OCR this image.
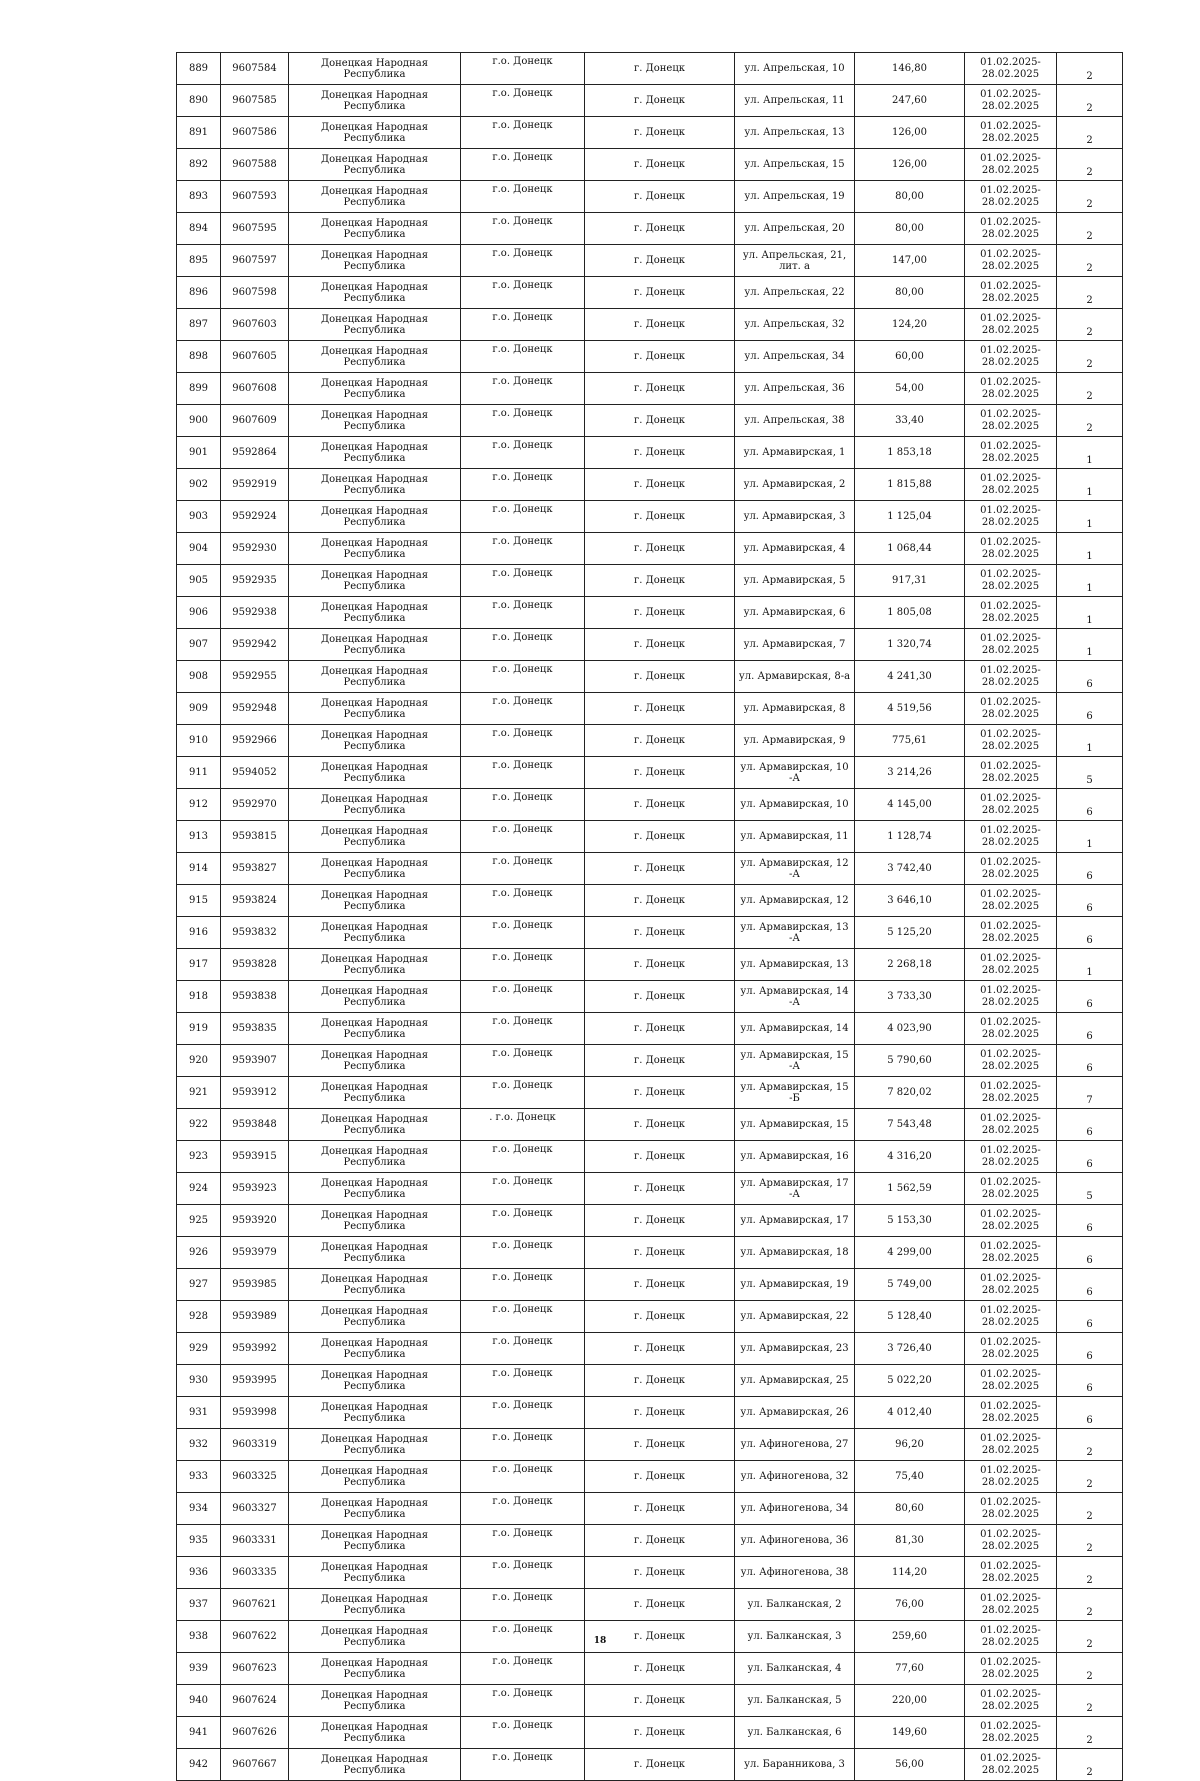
889	9607584	Донецкая Народная Республика	г.о. Донецк	г. Донецк	ул. Апрельская, 10	146,80	01.02.2025-28.02.2025	2
890	9607585	Донецкая Народная Республика	г.о. Донецк	г. Донецк	ул. Апрельская, 11	247,60	01.02.2025-28.02.2025	2
891	9607586	Донецкая Народная Республика	г.о. Донецк	г. Донецк	ул. Апрельская, 13	126,00	01.02.2025-28.02.2025	2
892	9607588	Донецкая Народная Республика	г.о. Донецк	г. Донецк	ул. Апрельская, 15	126,00	01.02.2025-28.02.2025	2
893	9607593	Донецкая Народная Республика	г.о. Донецк	г. Донецк	ул. Апрельская, 19	80,00	01.02.2025-28.02.2025	2
894	9607595	Донецкая Народная Республика	г.о. Донецк	г. Донецк	ул. Апрельская, 20	80,00	01.02.2025-28.02.2025	2
895	9607597	Донецкая Народная Республика	г.о. Донецк	г. Донецк	ул. Апрельская, 21, лит. а	147,00	01.02.2025-28.02.2025	2
896	9607598	Донецкая Народная Республика	г.о. Донецк	г. Донецк	ул. Апрельская, 22	80,00	01.02.2025-28.02.2025	2
897	9607603	Донецкая Народная Республика	г.о. Донецк	г. Донецк	ул. Апрельская, 32	124,20	01.02.2025-28.02.2025	2
898	9607605	Донецкая Народная Республика	г.о. Донецк	г. Донецк	ул. Апрельская, 34	60,00	01.02.2025-28.02.2025	2
899	9607608	Донецкая Народная Республика	г.о. Донецк	г. Донецк	ул. Апрельская, 36	54,00	01.02.2025-28.02.2025	2
900	9607609	Донецкая Народная Республика	г.о. Донецк	г. Донецк	ул. Апрельская, 38	33,40	01.02.2025-28.02.2025	2
901	9592864	Донецкая Народная Республика	г.о. Донецк	г. Донецк	ул. Армавирская, 1	1 853,18	01.02.2025-28.02.2025	1
902	9592919	Донецкая Народная Республика	г.о. Донецк	г. Донецк	ул. Армавирская, 2	1 815,88	01.02.2025-28.02.2025	1
903	9592924	Донецкая Народная Республика	г.о. Донецк	г. Донецк	ул. Армавирская, 3	1 125,04	01.02.2025-28.02.2025	1
904	9592930	Донецкая Народная Республика	г.о. Донецк	г. Донецк	ул. Армавирская, 4	1 068,44	01.02.2025-28.02.2025	1
905	9592935	Донецкая Народная Республика	г.о. Донецк	г. Донецк	ул. Армавирская, 5	917,31	01.02.2025-28.02.2025	1
906	9592938	Донецкая Народная Республика	г.о. Донецк	г. Донецк	ул. Армавирская, 6	1 805,08	01.02.2025-28.02.2025	1
907	9592942	Донецкая Народная Республика	г.о. Донецк	г. Донецк	ул. Армавирская, 7	1 320,74	01.02.2025-28.02.2025	1
908	9592955	Донецкая Народная Республика	г.о. Донецк	г. Донецк	ул. Армавирская, 8-а	4 241,30	01.02.2025-28.02.2025	6
909	9592948	Донецкая Народная Республика	г.о. Донецк	г. Донецк	ул. Армавирская, 8	4 519,56	01.02.2025-28.02.2025	6
910	9592966	Донецкая Народная Республика	г.о. Донецк	г. Донецк	ул. Армавирская, 9	775,61	01.02.2025-28.02.2025	1
911	9594052	Донецкая Народная Республика	г.о. Донецк	г. Донецк	ул. Армавирская, 10 -А	3 214,26	01.02.2025-28.02.2025	5
912	9592970	Донецкая Народная Республика	г.о. Донецк	г. Донецк	ул. Армавирская, 10	4 145,00	01.02.2025-28.02.2025	6
913	9593815	Донецкая Народная Республика	г.о. Донецк	г. Донецк	ул. Армавирская, 11	1 128,74	01.02.2025-28.02.2025	1
914	9593827	Донецкая Народная Республика	г.о. Донецк	г. Донецк	ул. Армавирская, 12 -А	3 742,40	01.02.2025-28.02.2025	6
915	9593824	Донецкая Народная Республика	г.о. Донецк	г. Донецк	ул. Армавирская, 12	3 646,10	01.02.2025-28.02.2025	6
916	9593832	Донецкая Народная Республика	г.о. Донецк	г. Донецк	ул. Армавирская, 13 -А	5 125,20	01.02.2025-28.02.2025	6
917	9593828	Донецкая Народная Республика	г.о. Донецк	г. Донецк	ул. Армавирская, 13	2 268,18	01.02.2025-28.02.2025	1
918	9593838	Донецкая Народная Республика	г.о. Донецк	г. Донецк	ул. Армавирская, 14 -А	3 733,30	01.02.2025-28.02.2025	6
919	9593835	Донецкая Народная Республика	г.о. Донецк	г. Донецк	ул. Армавирская, 14	4 023,90	01.02.2025-28.02.2025	6
920	9593907	Донецкая Народная Республика	г.о. Донецк	г. Донецк	ул. Армавирская, 15 -А	5 790,60	01.02.2025-28.02.2025	6
921	9593912	Донецкая Народная Республика	г.о. Донецк	г. Донецк	ул. Армавирская, 15 -Б	7 820,02	01.02.2025-28.02.2025	7
922	9593848	Донецкая Народная Республика	. г.о. Донецк	г. Донецк	ул. Армавирская, 15	7 543,48	01.02.2025-28.02.2025	6
923	9593915	Донецкая Народная Республика	г.о. Донецк	г. Донецк	ул. Армавирская, 16	4 316,20	01.02.2025-28.02.2025	6
924	9593923	Донецкая Народная Республика	г.о. Донецк	г. Донецк	ул. Армавирская, 17 -А	1 562,59	01.02.2025-28.02.2025	5
925	9593920	Донецкая Народная Республика	г.о. Донецк	г. Донецк	ул. Армавирская, 17	5 153,30	01.02.2025-28.02.2025	6
926	9593979	Донецкая Народная Республика	г.о. Донецк	г. Донецк	ул. Армавирская, 18	4 299,00	01.02.2025-28.02.2025	6
927	9593985	Донецкая Народная Республика	г.о. Донецк	г. Донецк	ул. Армавирская, 19	5 749,00	01.02.2025-28.02.2025	6
928	9593989	Донецкая Народная Республика	г.о. Донецк	г. Донецк	ул. Армавирская, 22	5 128,40	01.02.2025-28.02.2025	6
929	9593992	Донецкая Народная Республика	г.о. Донецк	г. Донецк	ул. Армавирская, 23	3 726,40	01.02.2025-28.02.2025	6
930	9593995	Донецкая Народная Республика	г.о. Донецк	г. Донецк	ул. Армавирская, 25	5 022,20	01.02.2025-28.02.2025	6
931	9593998	Донецкая Народная Республика	г.о. Донецк	г. Донецк	ул. Армавирская, 26	4 012,40	01.02.2025-28.02.2025	6
932	9603319	Донецкая Народная Республика	г.о. Донецк	г. Донецк	ул. Афиногенова, 27	96,20	01.02.2025-28.02.2025	2
933	9603325	Донецкая Народная Республика	г.о. Донецк	г. Донецк	ул. Афиногенова, 32	75,40	01.02.2025-28.02.2025	2
934	9603327	Донецкая Народная Республика	г.о. Донецк	г. Донецк	ул. Афиногенова, 34	80,60	01.02.2025-28.02.2025	2
935	9603331	Донецкая Народная Республика	г.о. Донецк	г. Донецк	ул. Афиногенова, 36	81,30	01.02.2025-28.02.2025	2
936	9603335	Донецкая Народная Республика	г.о. Донецк	г. Донецк	ул. Афиногенова, 38	114,20	01.02.2025-28.02.2025	2
937	9607621	Донецкая Народная Республика	г.о. Донецк	г. Донецк	ул. Балканская, 2	76,00	01.02.2025-28.02.2025	2
938	9607622	Донецкая Народная Республика	г.о. Донецк	г. Донецк	ул. Балканская, 3	259,60	01.02.2025-28.02.2025	2
939	9607623	Донецкая Народная Республика	г.о. Донецк	г. Донецк	ул. Балканская, 4	77,60	01.02.2025-28.02.2025	2
940	9607624	Донецкая Народная Республика	г.о. Донецк	г. Донецк	ул. Балканская, 5	220,00	01.02.2025-28.02.2025	2
941	9607626	Донецкая Народная Республика	г.о. Донецк	г. Донецк	ул. Балканская, 6	149,60	01.02.2025-28.02.2025	2
942	9607667	Донецкая Народная Республика	г.о. Донецк	г. Донецк	ул. Баранникова, 3	56,00	01.02.2025-28.02.2025	2
18
